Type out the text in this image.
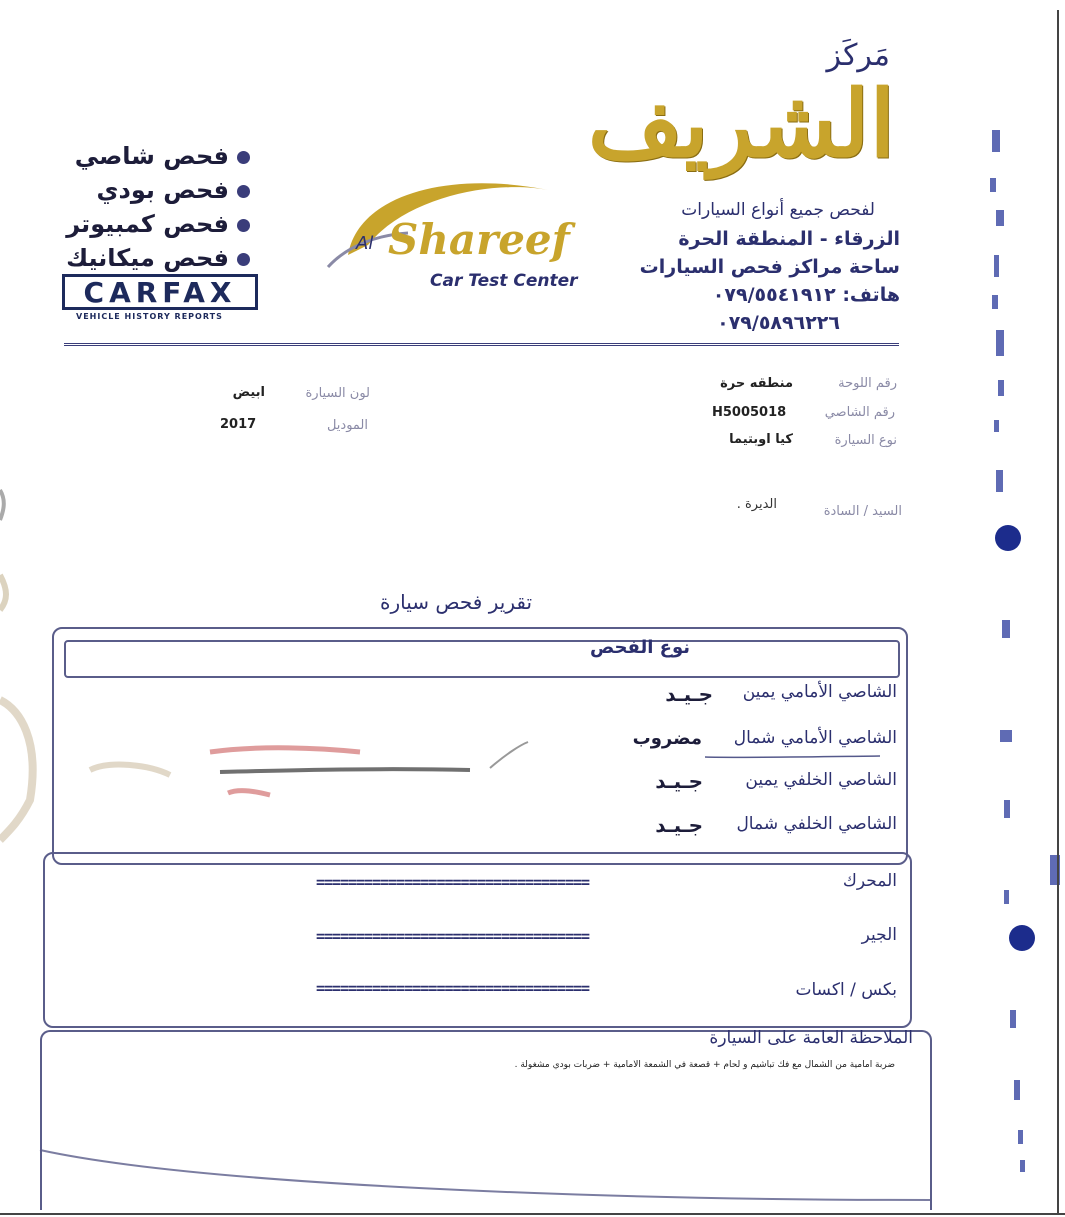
مَركَز
الشريف
لفحص جميع أنواع السيارات
الزرقاء - المنطقة الحرة
ساحة مراكز فحص السيارات
هاتف: ٠٧٩/٥٥٤١٩١٢
٠٧٩/٥٨٩٦٢٢٦
Al Shareef
Car Test Center
فحص شاصي
فحص بودي
فحص كمبيوتر
فحص ميكانيك
CARFAX
VEHICLE HISTORY REPORTS
رقم اللوحة
منطقه حرة
رقم الشاصي
H5005018
نوع السيارة
كيا اوبتيما
لون السيارة
ابيض
الموديل
2017
السيد / السادة
الديرة .
تقرير فحص سيارة
نوع الفحص
الشاصي الأمامي يمين
جـيـد
الشاصي الأمامي شمال
مضروب
الشاصي الخلفي يمين
جـيـد
الشاصي الخلفي شمال
جـيـد
المحرك
==================================
الجير
==================================
بكس / اكسات
==================================
الملاحظة العامة على السيارة
ضربة امامية من الشمال مع فك تباشيم و لحام + قصعة في الشمعة الامامية + ضربات بودي مشغولة .
